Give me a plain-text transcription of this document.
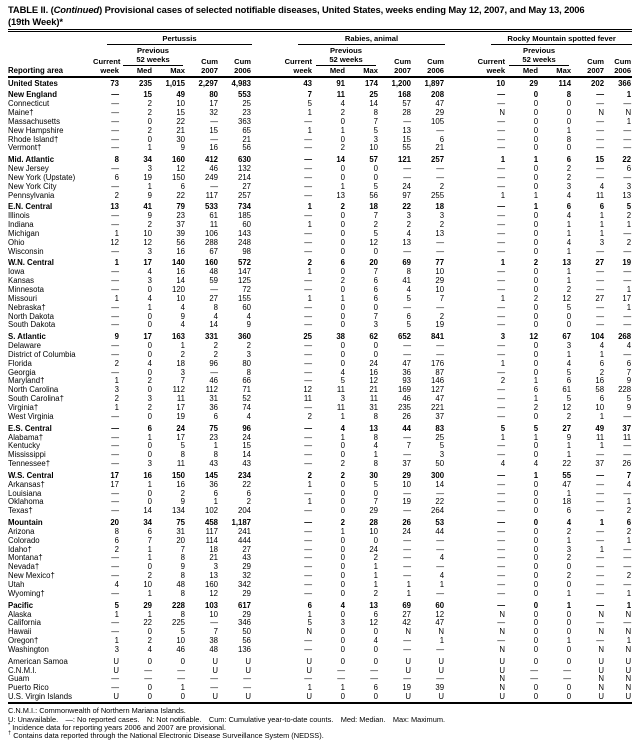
TABLE II. (Continued) Provisional cases of selected notifiable diseases, United States, weeks ending May 12, 2007, and May 13, 2006
(19th Week)*

	Pertussis					Rabies, animal					Rocky Mountain spotted fever				

		Previous					Previous					Previous			
	Current	52 weeks		Cum	Cum	Current	52 weeks		Cum	Cum	Current	52 weeks		Cum	Cum
Reporting area	week	Med	Max	2007	2006	week	Med	Max	2007	2006	week	Med	Max	2007	2006
United States	73	235	1,015	2,297	4,983	43	91	174	1,200	1,897	10	29	114	202	366
New England	—	15	49	80	553	7	11	25	168	208	—	0	8	—	1
Connecticut	—	2	10	17	25	5	4	14	57	47	—	0	0	—	—
Maine†	—	2	15	32	23	1	2	8	28	29	N	0	0	N	N
Massachusetts	—	0	22	—	363	—	0	7	—	105	—	0	0	—	1
New Hampshire	—	2	21	15	65	1	1	5	13	—	—	0	1	—	—
Rhode Island†	—	0	30	—	21	—	0	3	15	6	—	0	8	—	—
Vermont†	—	1	9	16	56	—	2	10	55	21	—	0	0	—	—
Mid. Atlantic	8	34	160	412	630	—	14	57	121	257	1	1	6	15	22
New Jersey	—	3	12	46	132	—	0	0	—	—	—	0	2	—	6
New York (Upstate)	6	19	150	249	214	—	0	0	—	—	—	0	2	—	—
New York City	—	1	6	—	27	—	1	5	24	2	—	0	3	4	3
Pennsylvania	2	9	22	117	257	—	13	56	97	255	1	1	4	11	13
E.N. Central	13	41	79	533	734	1	2	18	22	18	—	1	6	6	5
Illinois	—	9	23	61	185	—	0	7	3	3	—	0	4	1	2
Indiana	—	2	37	11	60	1	0	2	2	2	—	0	1	1	1
Michigan	1	10	39	106	143	—	0	5	4	13	—	0	1	1	—
Ohio	12	12	56	288	248	—	0	12	13	—	—	0	4	3	2
Wisconsin	—	3	16	67	98	—	0	0	—	—	—	0	1	—	—
W.N. Central	1	17	140	160	572	2	6	20	69	77	1	2	13	27	19
Iowa	—	4	16	48	147	1	0	7	8	10	—	0	1	—	—
Kansas	—	3	14	59	125	—	2	6	41	29	—	0	1	—	—
Minnesota	—	0	120	—	72	—	0	6	4	10	—	0	2	—	1
Missouri	1	4	10	27	155	1	1	6	5	7	1	2	12	27	17
Nebraska†	—	1	4	8	60	—	0	0	—	—	—	0	5	—	1
North Dakota	—	0	9	4	4	—	0	7	6	2	—	0	0	—	—
South Dakota	—	0	4	14	9	—	0	3	5	19	—	0	0	—	—
S. Atlantic	9	17	163	331	360	25	38	62	652	841	3	12	67	104	268
Delaware	—	0	1	2	2	—	0	0	—	—	—	0	3	4	4
District of Columbia	—	0	2	2	3	—	0	0	—	—	—	0	1	1	—
Florida	2	4	18	96	80	—	0	24	47	176	1	0	4	6	6
Georgia	—	0	3	—	8	—	4	16	36	87	—	0	5	2	7
Maryland†	1	2	7	46	66	—	5	12	93	146	2	1	6	16	9
North Carolina	3	0	112	112	71	12	11	21	169	127	—	6	61	58	228
South Carolina†	2	3	11	31	52	11	3	11	46	47	—	1	5	6	5
Virginia†	1	2	17	36	74	—	11	31	235	221	—	2	12	10	9
West Virginia	—	0	19	6	4	2	1	8	26	37	—	0	2	1	—
E.S. Central	—	6	24	75	96	—	4	13	44	83	5	5	27	49	37
Alabama†	—	1	17	23	24	—	1	8	—	25	1	1	9	11	11
Kentucky	—	0	5	1	15	—	0	4	7	5	—	0	1	1	—
Mississippi	—	0	8	8	14	—	0	1	—	3	—	0	1	—	—
Tennessee†	—	3	11	43	43	—	2	8	37	50	4	4	22	37	26
W.S. Central	17	16	150	145	234	2	2	30	29	300	—	1	55	—	7
Arkansas†	17	1	16	36	22	1	0	5	10	14	—	0	47	—	4
Louisiana	—	0	2	6	6	—	0	0	—	—	—	0	1	—	—
Oklahoma	—	0	9	1	2	1	0	7	19	22	—	0	18	—	1
Texas†	—	14	134	102	204	—	0	29	—	264	—	0	6	—	2
Mountain	20	34	75	458	1,187	—	2	28	26	53	—	0	4	1	6
Arizona	8	6	31	117	241	—	1	10	24	44	—	0	2	—	2
Colorado	6	7	20	114	444	—	0	0	—	—	—	0	1	—	1
Idaho†	2	1	7	18	27	—	0	24	—	—	—	0	3	1	—
Montana†	—	1	8	21	43	—	0	2	—	4	—	0	2	—	—
Nevada†	—	0	9	3	29	—	0	1	—	—	—	0	0	—	—
New Mexico†	—	2	8	13	32	—	0	1	—	4	—	0	2	—	2
Utah	4	10	48	160	342	—	0	1	1	1	—	0	0	—	—
Wyoming†	—	1	8	12	29	—	0	2	1	—	—	0	1	—	1
Pacific	5	29	228	103	617	6	4	13	69	60	—	0	1	—	1
Alaska	1	1	8	10	29	1	0	6	27	12	N	0	0	N	N
California	—	22	225	—	346	5	3	12	42	47	—	0	0	—	—
Hawaii	—	0	5	7	50	N	0	0	N	N	N	0	0	N	N
Oregon†	1	2	10	38	56	—	0	4	—	1	—	0	1	—	1
Washington	3	4	46	48	136	—	0	0	—	—	N	0	0	N	N
American Samoa	U	0	0	U	U	U	0	0	U	U	U	0	0	U	U
C.N.M.I.	U	—	—	U	U	U	—	—	U	U	U	—	—	U	U
Guam	—	—	—	—	—	—	—	—	—	—	N	—	—	N	N
Puerto Rico	—	0	1	—	—	1	1	6	19	39	N	0	0	N	N
U.S. Virgin Islands	U	0	0	U	U	U	0	0	U	U	U	0	0	U	U
C.N.M.I.: Commonwealth of Northern Mariana Islands.
U: Unavailable. —: No reported cases. N: Not notifiable. Cum: Cumulative year-to-date counts. Med: Median. Max: Maximum.
* Incidence data for reporting years 2006 and 2007 are provisional.
† Contains data reported through the National Electronic Disease Surveillance System (NEDSS).
